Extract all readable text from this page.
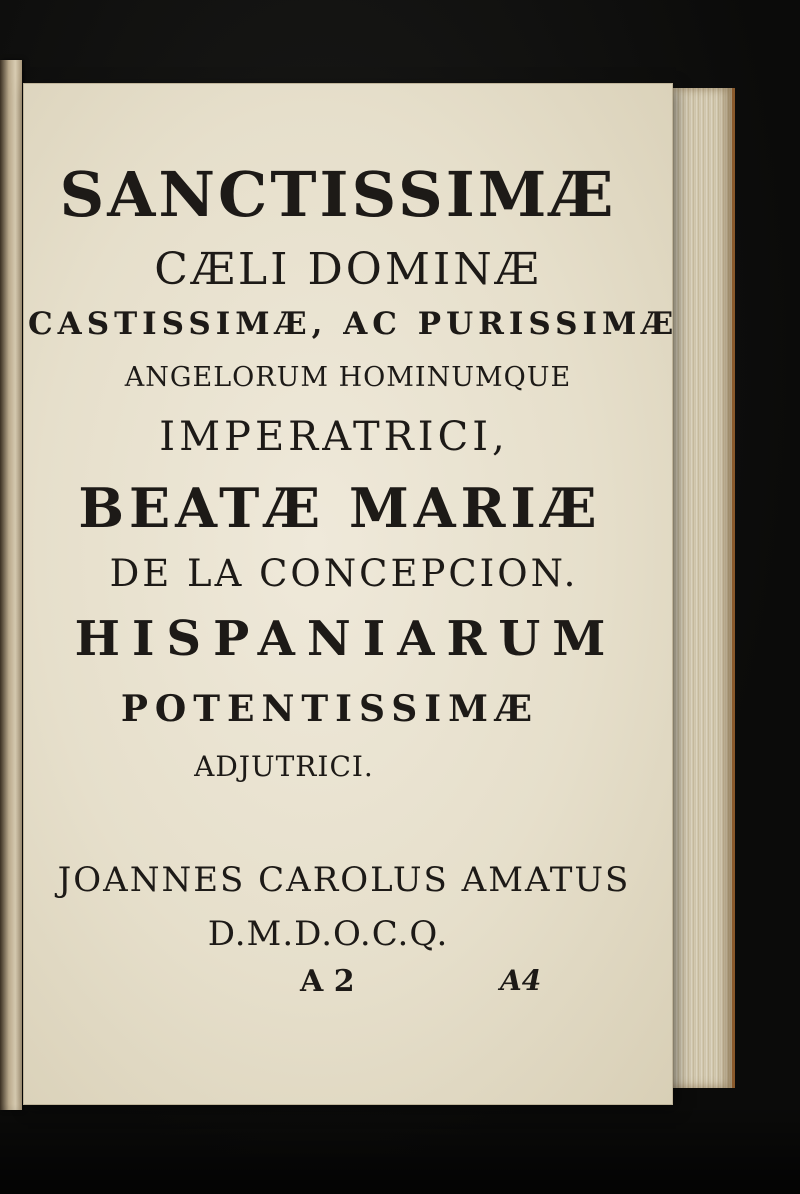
SANCTISSIMÆ
CÆLI DOMINÆ
CASTISSIMÆ, AC PURISSIMÆ
ANGELORUM HOMINUMQUE
IMPERATRICI,
BEATÆ MARIÆ
DE LA CONCEPCION.
HISPANIARUM
POTENTISSIMÆ
ADJUTRICI.
JOANNES CAROLUS AMATUS
D.M.D.O.C.Q.
A 2	A4
